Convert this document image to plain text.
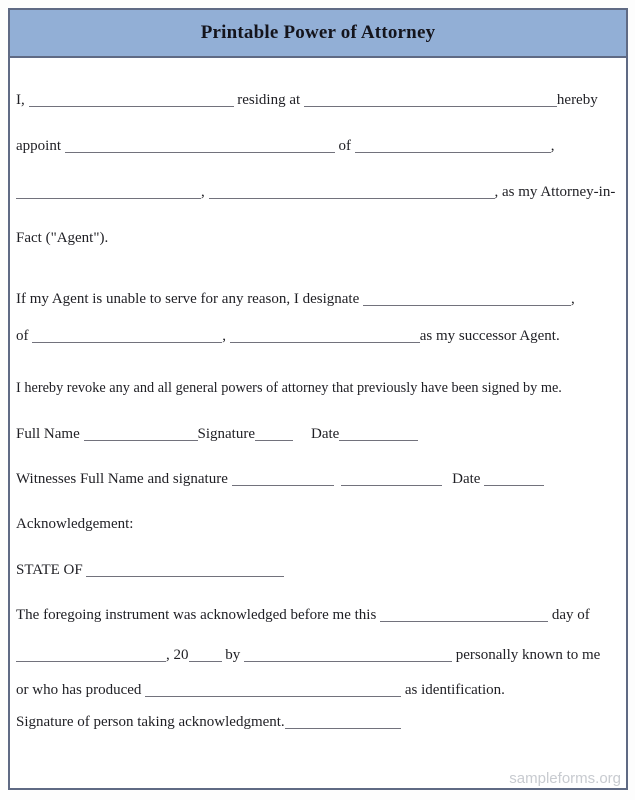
Printable Power of Attorney
I,	residing at	hereby
appoint	of	,
,	, as my Attorney-in-
Fact ("Agent").
If my Agent is unable to serve for any reason, I designate	,
of	,	as my successor Agent.
I hereby revoke any and all general powers of attorney that previously have been signed by me.
Full Name	Signature	Date
Witnesses Full Name and signature	Date
Acknowledgement:
STATE OF
The foregoing instrument was acknowledged before me this	day of
, 20 by	personally known to me
or who has produced	as identification.
Signature of person taking acknowledgment.
sampleforms.org
